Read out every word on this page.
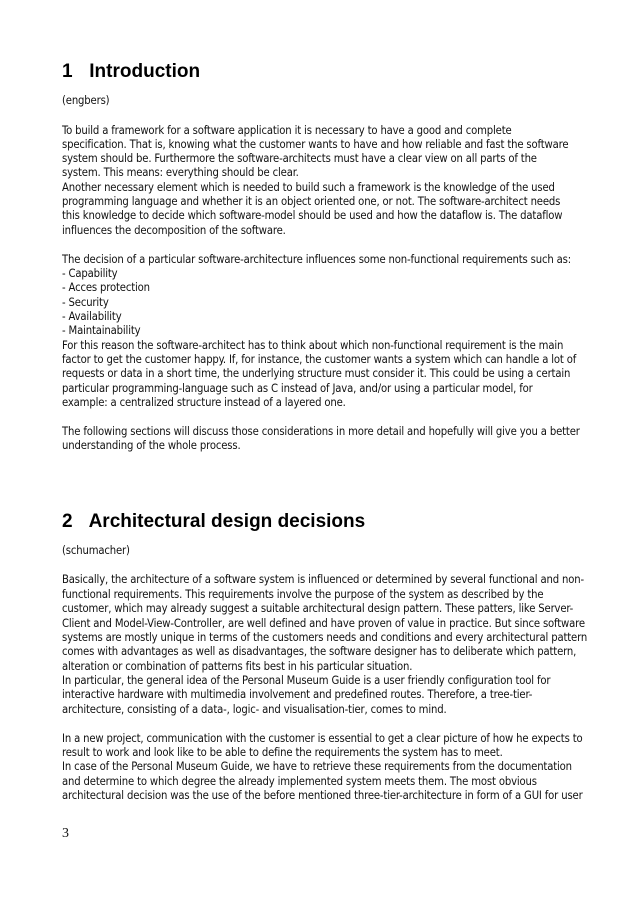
1 Introduction

(engbers)

To build a framework for a software application it is necessary to have a good and complete

specification. That is, knowing what the customer wants to have and how reliable and fast the software

system should be. Furthermore the software-architects must have a clear view on all parts of the

system. This means: everything should be clear.

Another necessary element which is needed to build such a framework is the knowledge of the used

programming language and whether it is an object oriented one, or not. The software-architect needs

this knowledge to decide which software-model should be used and how the dataflow is. The dataflow

influences the decomposition of the software.

The decision of a particular software-architecture influences some non-functional requirements such as:

- Capability

- Acces protection

- Security

- Availability

- Maintainability

For this reason the software-architect has to think about which non-functional requirement is the main

factor to get the customer happy. If, for instance, the customer wants a system which can handle a lot of

requests or data in a short time, the underlying structure must consider it. This could be using a certain

particular programming-language such as C instead of Java, and/or using a particular model, for

example: a centralized structure instead of a layered one.

The following sections will discuss those considerations in more detail and hopefully will give you a better

understanding of the whole process.

2 Architectural design decisions

(schumacher)

Basically, the architecture of a software system is influenced or determined by several functional and non-

functional requirements. This requirements involve the purpose of the system as described by the

customer, which may already suggest a suitable architectural design pattern. These patters, like Server-

Client and Model-View-Controller, are well defined and have proven of value in practice. But since software

systems are mostly unique in terms of the customers needs and conditions and every architectural pattern

comes with advantages as well as disadvantages, the software designer has to deliberate which pattern,

alteration or combination of patterns fits best in his particular situation.

In particular, the general idea of the Personal Museum Guide is a user friendly configuration tool for

interactive hardware with multimedia involvement and predefined routes. Therefore, a tree-tier-

architecture, consisting of a data-, logic- and visualisation-tier, comes to mind.

In a new project, communication with the customer is essential to get a clear picture of how he expects to

result to work and look like to be able to define the requirements the system has to meet.

In case of the Personal Museum Guide, we have to retrieve these requirements from the documentation

and determine to which degree the already implemented system meets them. The most obvious

architectural decision was the use of the before mentioned three-tier-architecture in form of a GUI for user

3
